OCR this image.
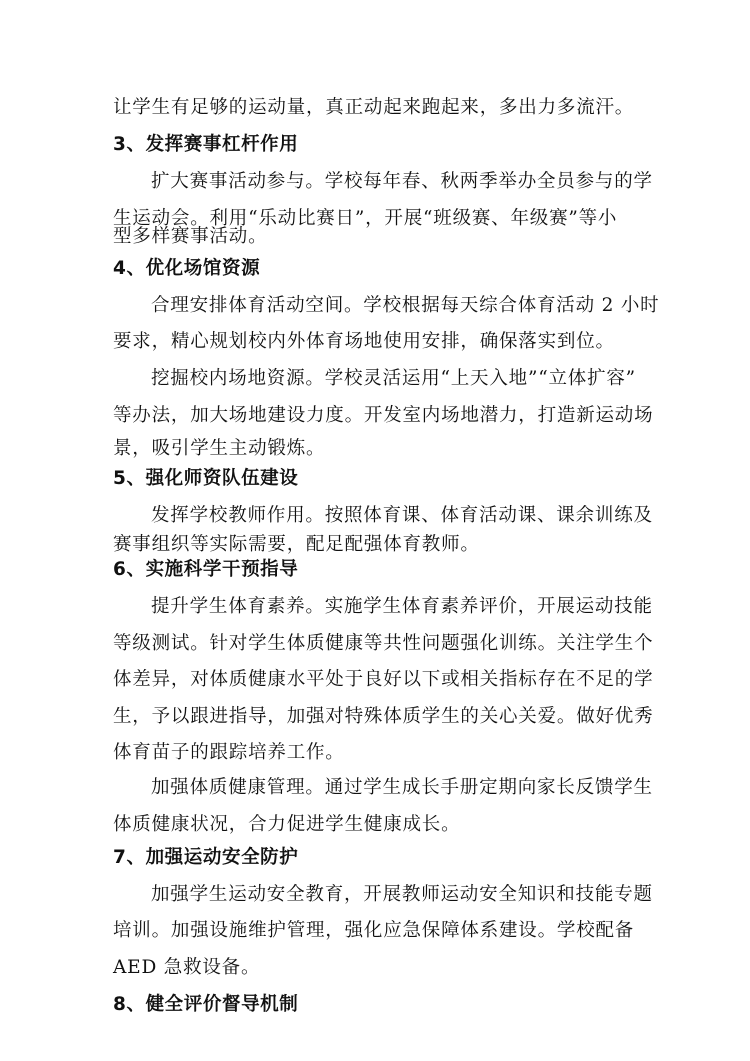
让学生有足够的运动量，真正动起来跑起来，多出力多流汗。
3、发挥赛事杠杆作用
扩大赛事活动参与。学校每年春、秋两季举办全员参与的学
生运动会。利用“乐动比赛日”，开展“班级赛、年级赛”等小
型多样赛事活动。
4、优化场馆资源
合理安排体育活动空间。学校根据每天综合体育活动 2 小时
要求，精心规划校内外体育场地使用安排，确保落实到位。
挖掘校内场地资源。学校灵活运用“上天入地”“立体扩容”
等办法，加大场地建设力度。开发室内场地潜力，打造新运动场
景，吸引学生主动锻炼。
5、强化师资队伍建设
发挥学校教师作用。按照体育课、体育活动课、课余训练及
赛事组织等实际需要，配足配强体育教师。
6、实施科学干预指导
提升学生体育素养。实施学生体育素养评价，开展运动技能
等级测试。针对学生体质健康等共性问题强化训练。关注学生个
体差异，对体质健康水平处于良好以下或相关指标存在不足的学
生，予以跟进指导，加强对特殊体质学生的关心关爱。做好优秀
体育苗子的跟踪培养工作。
加强体质健康管理。通过学生成长手册定期向家长反馈学生
体质健康状况，合力促进学生健康成长。
7、加强运动安全防护
加强学生运动安全教育，开展教师运动安全知识和技能专题
培训。加强设施维护管理，强化应急保障体系建设。学校配备
AED 急救设备。
8、健全评价督导机制
